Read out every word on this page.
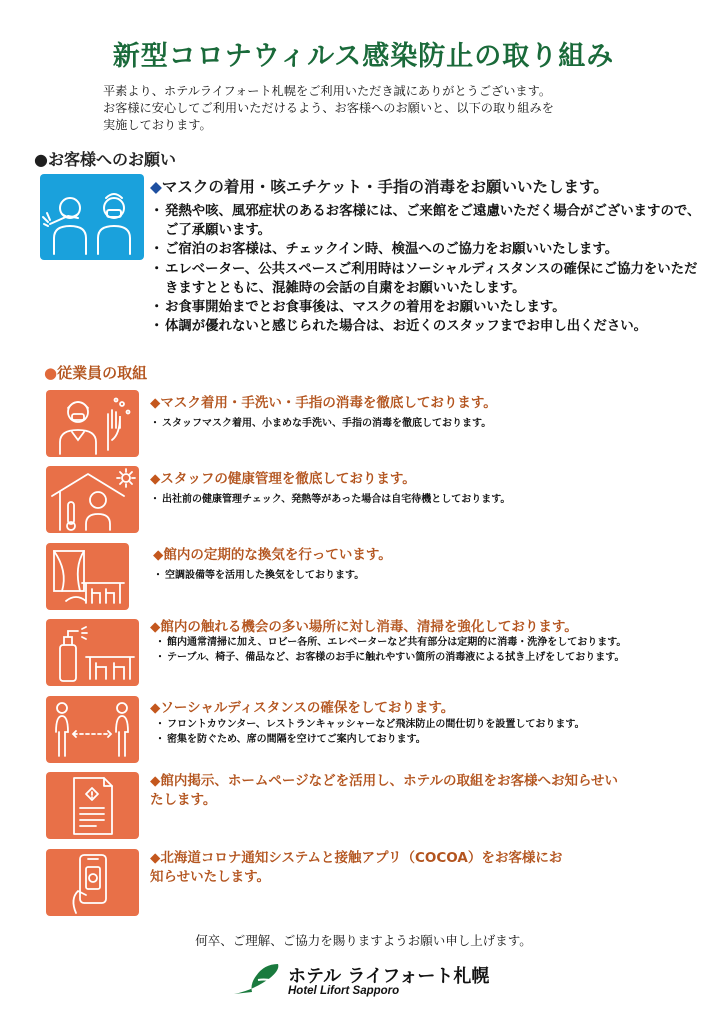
新型コロナウィルス感染防止の取り組み
平素より、ホテルライフォート札幌をご利用いただき誠にありがとうございます。
お客様に安心してご利用いただけるよう、お客様へのお願いと、以下の取り組みを
実施しております。
●お客様へのお願い
◆マスクの着用・咳エチケット・手指の消毒をお願いいたします。
・ 発熱や咳、風邪症状のあるお客様には、ご来館をご遠慮いただく場合がございますので、ご了承願います。
・ ご宿泊のお客様は、チェックイン時、検温へのご協力をお願いいたします。
・ エレベーター、公共スペースご利用時はソーシャルディスタンスの確保にご協力をいただきますとともに、混雑時の会話の自粛をお願いいたします。
・ お食事開始までとお食事後は、マスクの着用をお願いいたします。
・ 体調が優れないと感じられた場合は、お近くのスタッフまでお申し出ください。
●従業員の取組
◆マスク着用・手洗い・手指の消毒を徹底しております。
・ スタッフマスク着用、小まめな手洗い、手指の消毒を徹底しております。
◆スタッフの健康管理を徹底しております。
・ 出社前の健康管理チェック、発熱等があった場合は自宅待機としております。
◆館内の定期的な換気を行っています。
・ 空調設備等を活用した換気をしております。
◆館内の触れる機会の多い場所に対し消毒、清掃を強化しております。
・ 館内通常清掃に加え、ロビー各所、エレベーターなど共有部分は定期的に消毒・洗浄をしております。
・ テーブル、椅子、備品など、お客様のお手に触れやすい箇所の消毒液による拭き上げをしております。
◆ソーシャルディスタンスの確保をしております。
・ フロントカウンター、レストランキャッシャーなど飛沫防止の間仕切りを設置しております。
・ 密集を防ぐため、席の間隔を空けてご案内しております。
◆館内掲示、ホームページなどを活用し、ホテルの取組をお客様へお知らせいたします。
◆北海道コロナ通知システムと接触アプリ（COCOA）をお客様にお知らせいたします。
何卒、ご理解、ご協力を賜りますようお願い申し上げます。
ホテル ライフォート札幌
Hotel Lifort Sapporo
